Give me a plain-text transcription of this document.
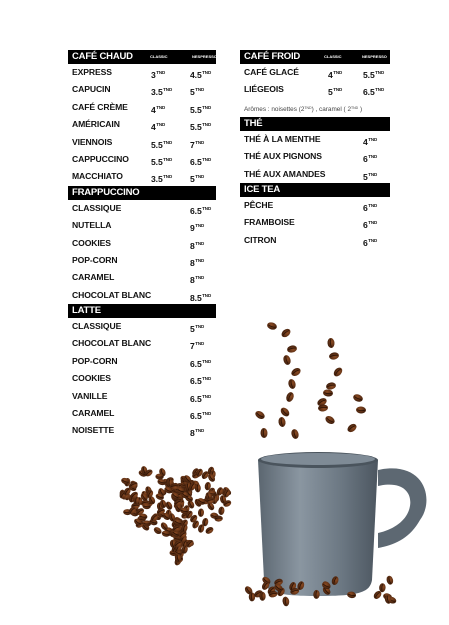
CAFÉ CHAUD	CLASSIC	NESPRESSO
EXPRESS	$3^{TND}$	$4.5^{TND}$
CAPUCIN	$3.5^{TND}$ $5^{TND}$
CAFÉ CRÈME	$4^{TND}$	$5.5^{TND}$
AMÉRICAIN	$4^{TND}$	$5.5^{TND}$
VIENNOIS	$5.5^{TND}$ $7^{TND}$
CAPPUCCINO	$5.5^{TND}$ $6.5^{TND}$
MACCHIATO	$3.5^{TND}$ $5^{TND}$
FRAPPUCCINO
CLASSIQUE	$6.5^{TND}$
NUTELLA	$9^{TND}$
COOKIES	$8^{TND}$
POP-CORN	$8^{TND}$
CARAMEL	$8^{TND}$
CHOCOLAT BLANC	$8.5^{TND}$
LATTE
CLASSIQUE	$5^{TND}$
CHOCOLAT BLANC	$7^{TND}$
POP-CORN	$6.5^{TND}$
COOKIES	$6.5^{TND}$
VANILLE	$6.5^{TND}$
CARAMEL	$6.5^{TND}$
NOISETTE	$8^{TND}$
CAFÉ FROID	CLASSIC	NESPRESSO
CAFÉ GLACÉ	$4^{TND}$ $5.5^{TND}$
LIÉGEOIS	$5^{TND}$ $6.5^{TND}$
Arômes : noisettes $(2^{TND})$ , caramel ( $2^{TND}$ )
THÉ
THÉ À LA MENTHE	$4^{TND}$
THÉ AUX PIGNONS	$6^{TND}$
THÉ AUX AMANDES	$5^{TND}$
ICE TEA
PÊCHE	$6^{TND}$
FRAMBOISE	$6^{TND}$
CITRON	$6^{TND}$
